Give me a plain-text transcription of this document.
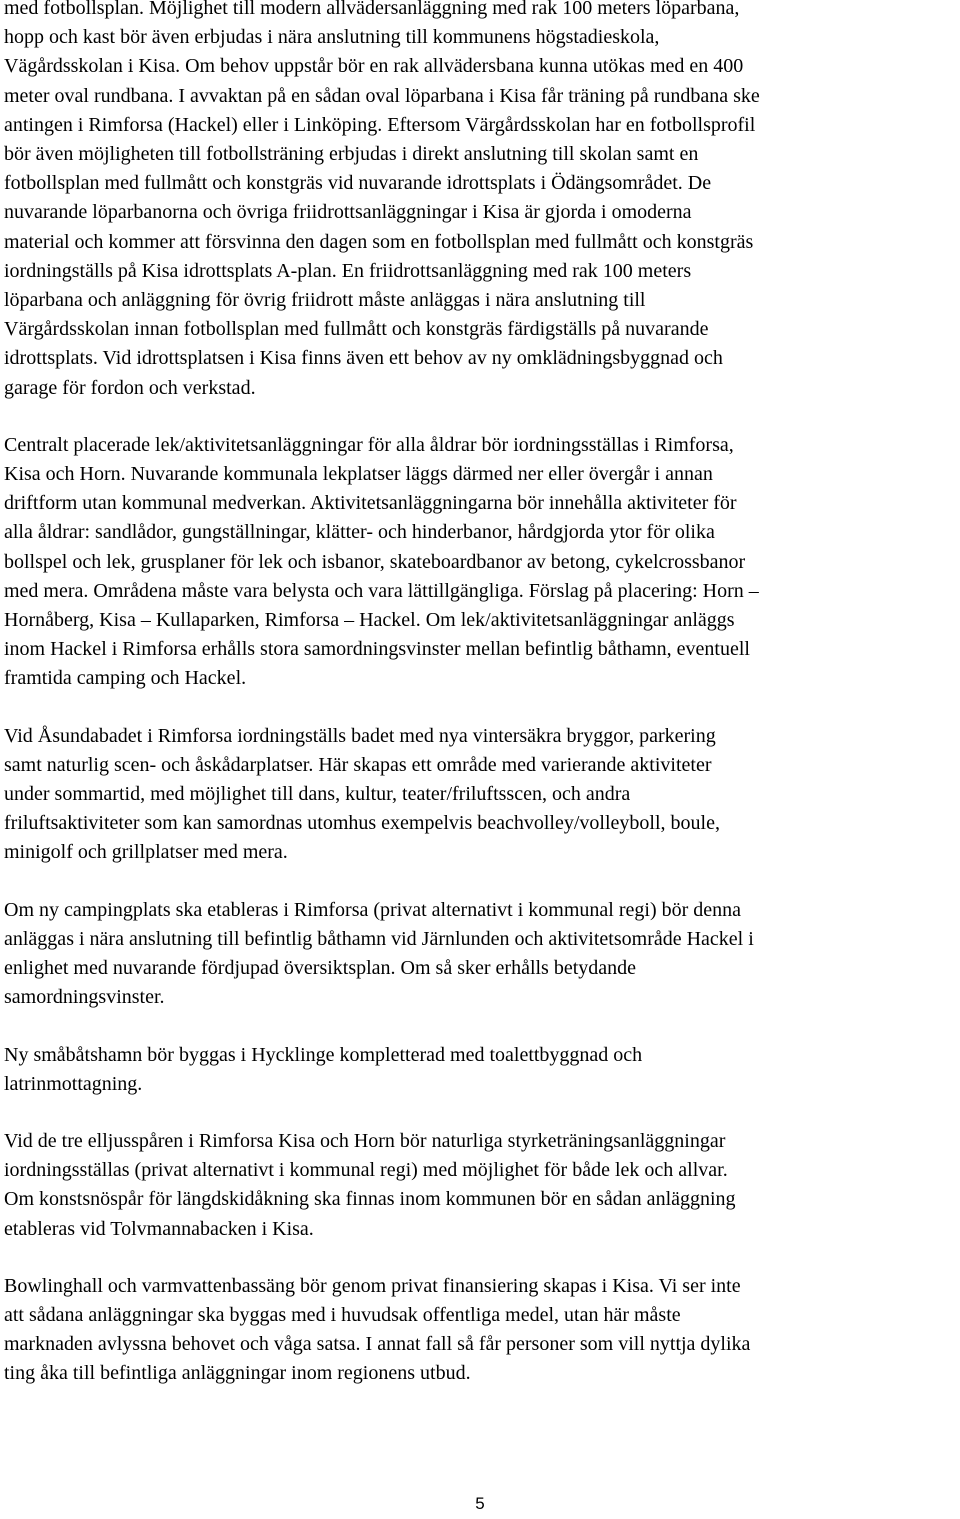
med fotbollsplan. Möjlighet till modern allvädersanläggning med rak 100 meters löparbana,
hopp och kast bör även erbjudas i nära anslutning till kommunens högstadieskola,
Vägårdsskolan i Kisa. Om behov uppstår bör en rak allvädersbana kunna utökas med en 400
meter oval rundbana. I avvaktan på en sådan oval löparbana i Kisa får träning på rundbana ske
antingen i Rimforsa (Hackel) eller i Linköping. Eftersom Värgårdsskolan har en fotbollsprofil
bör även möjligheten till fotbollsträning erbjudas i direkt anslutning till skolan samt en
fotbollsplan med fullmått och konstgräs vid nuvarande idrottsplats i Ödängsområdet. De
nuvarande löparbanorna och övriga friidrottsanläggningar i Kisa är gjorda i omoderna
material och kommer att försvinna den dagen som en fotbollsplan med fullmått och konstgräs
iordningställs på Kisa idrottsplats A-plan. En friidrottsanläggning med rak 100 meters
löparbana och anläggning för övrig friidrott måste anläggas i nära anslutning till
Värgårdsskolan innan fotbollsplan med fullmått och konstgräs färdigställs på nuvarande
idrottsplats. Vid idrottsplatsen i Kisa finns även ett behov av ny omklädningsbyggnad och
garage för fordon och verkstad.

Centralt placerade lek/aktivitetsanläggningar för alla åldrar bör iordningsställas i Rimforsa,
Kisa och Horn. Nuvarande kommunala lekplatser läggs därmed ner eller övergår i annan
driftform utan kommunal medverkan. Aktivitetsanläggningarna bör innehålla aktiviteter för
alla åldrar: sandlådor, gungställningar, klätter- och hinderbanor, hårdgjorda ytor för olika
bollspel och lek, grusplaner för lek och isbanor, skateboardbanor av betong, cykelcrossbanor
med mera. Områdena måste vara belysta och vara lättillgängliga. Förslag på placering: Horn –
Hornåberg, Kisa – Kullaparken, Rimforsa – Hackel. Om lek/aktivitetsanläggningar anläggs
inom Hackel i Rimforsa erhålls stora samordningsvinster mellan befintlig båthamn, eventuell
framtida camping och Hackel.

Vid Åsundabadet i Rimforsa iordningställs badet med nya vintersäkra bryggor, parkering
samt naturlig scen- och åskådarplatser. Här skapas ett område med varierande aktiviteter
under sommartid, med möjlighet till dans, kultur, teater/friluftsscen, och andra
friluftsaktiviteter som kan samordnas utomhus exempelvis beachvolley/volleyboll, boule,
minigolf och grillplatser med mera.

Om ny campingplats ska etableras i Rimforsa (privat alternativt i kommunal regi) bör denna
anläggas i nära anslutning till befintlig båthamn vid Järnlunden och aktivitetsområde Hackel i
enlighet med nuvarande fördjupad översiktsplan. Om så sker erhålls betydande
samordningsvinster.

Ny småbåtshamn bör byggas i Hycklinge kompletterad med toalettbyggnad och
latrinmottagning.

Vid de tre elljusspåren i Rimforsa Kisa och Horn bör naturliga styrketräningsanläggningar
iordningsställas (privat alternativt i kommunal regi) med möjlighet för både lek och allvar.
Om konstsnöspår för längdskidåkning ska finnas inom kommunen bör en sådan anläggning
etableras vid Tolvmannabacken i Kisa.

Bowlinghall och varmvattenbassäng bör genom privat finansiering skapas i Kisa. Vi ser inte
att sådana anläggningar ska byggas med i huvudsak offentliga medel, utan här måste
marknaden avlyssna behovet och våga satsa. I annat fall så får personer som vill nyttja dylika
ting åka till befintliga anläggningar inom regionens utbud.

5
